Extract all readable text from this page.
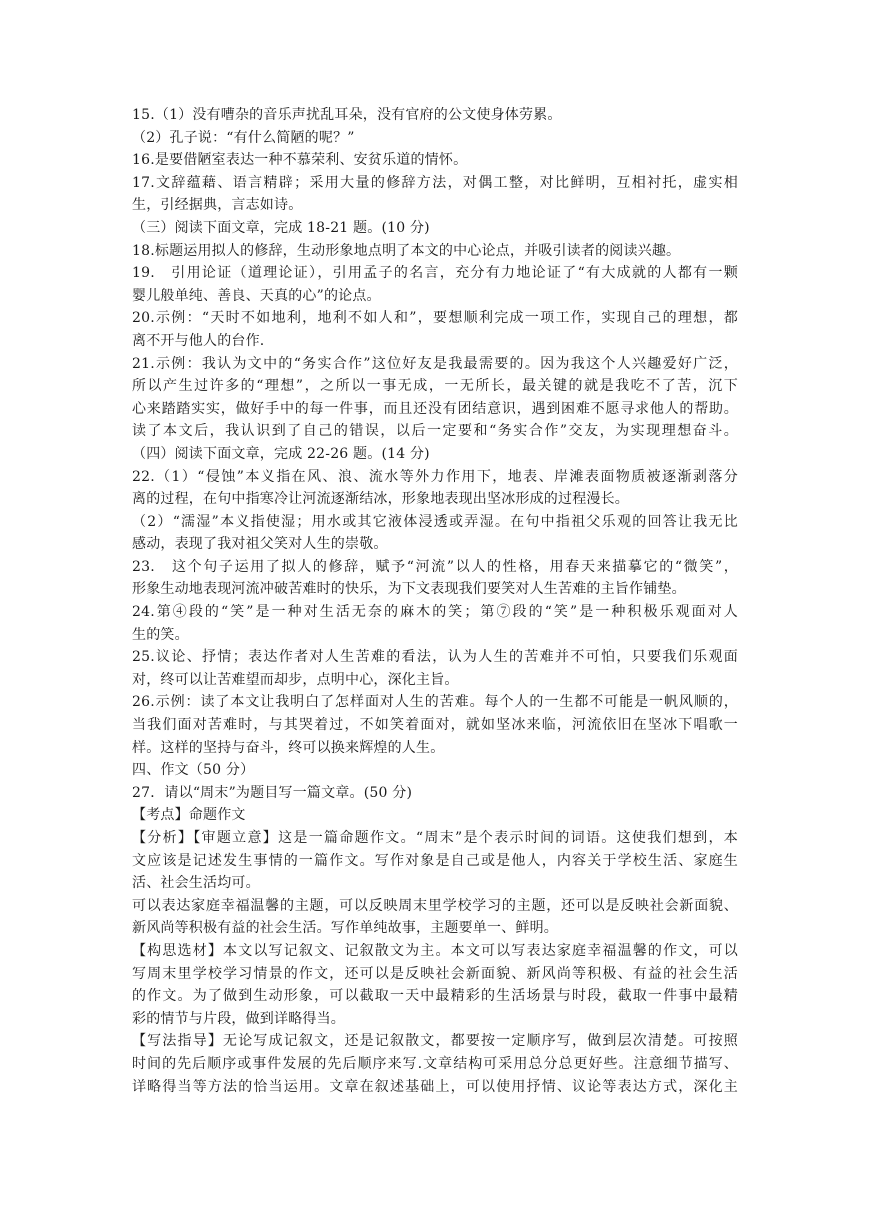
15.（1）没有嘈杂的音乐声扰乱耳朵，没有官府的公文使身体劳累。
（2）孔子说：“有什么简陋的呢？”
16.是要借陋室表达一种不慕荣利、安贫乐道的情怀。
17.文辞蕴藉、语言精辟；采用大量的修辞方法，对偶工整，对比鲜明，互相衬托，虚实相
生，引经据典，言志如诗。
（三）阅读下面文章，完成 18-21 题。(10 分)
18.标题运用拟人的修辞，生动形象地点明了本文的中心论点，并吸引读者的阅读兴趣。
19.　引用论证（道理论证），引用孟子的名言，充分有力地论证了“有大成就的人都有一颗
婴儿般单纯、善良、天真的心”的论点。
20.示例：“天时不如地利，地利不如人和”，要想顺利完成一项工作，实现自己的理想，都
离不开与他人的台作.
21.示例：我认为文中的“务实合作”这位好友是我最需要的。因为我这个人兴趣爱好广泛，
所以产生过许多的“理想”，之所以一事无成，一无所长，最关键的就是我吃不了苦，沉下
心来踏踏实实，做好手中的每一件事，而且还没有团结意识，遇到困难不愿寻求他人的帮助。
读了本文后，我认识到了自己的错误，以后一定要和“务实合作”交友，为实现理想奋斗。
（四）阅读下面文章，完成 22-26 题。(14 分)
22.（1）“侵蚀”本义指在风、浪、流水等外力作用下，地表、岸滩表面物质被逐渐剥落分
离的过程，在句中指寒冷让河流逐渐结冰，形象地表现出坚冰形成的过程漫长。
（2）“濡湿”本义指使湿；用水或其它液体浸透或弄湿。在句中指祖父乐观的回答让我无比
感动，表现了我对祖父笑对人生的崇敬。
23.　这个句子运用了拟人的修辞，赋予“河流”以人的性格，用春天来描摹它的“微笑”，
形象生动地表现河流冲破苦难时的快乐，为下文表现我们要笑对人生苦难的主旨作铺垫。
24.第④段的“笑”是一种对生活无奈的麻木的笑；第⑦段的“笑”是一种积极乐观面对人
生的笑。
25.议论、抒情；表达作者对人生苦难的看法，认为人生的苦难并不可怕，只要我们乐观面
对，终可以让苦难望而却步，点明中心，深化主旨。
26.示例：读了本文让我明白了怎样面对人生的苦难。每个人的一生都不可能是一帆风顺的，
当我们面对苦难时，与其哭着过，不如笑着面对，就如坚冰来临，河流依旧在坚冰下唱歌一
样。这样的坚持与奋斗，终可以换来辉煌的人生。
四、作文（50 分）
27．请以“周末”为题目写一篇文章。(50 分)
【考点】命题作文
【分析】【审题立意】这是一篇命题作文。“周末”是个表示时间的词语。这使我们想到，本
文应该是记述发生事情的一篇作文。写作对象是自己或是他人，内容关于学校生活、家庭生
活、社会生活均可。
可以表达家庭幸福温馨的主题，可以反映周末里学校学习的主题，还可以是反映社会新面貌、
新风尚等积极有益的社会生活。写作单纯故事，主题要单一、鲜明。
【构思选材】本文以写记叙文、记叙散文为主。本文可以写表达家庭幸福温馨的作文，可以
写周末里学校学习情景的作文，还可以是反映社会新面貌、新风尚等积极、有益的社会生活
的作文。为了做到生动形象，可以截取一天中最精彩的生活场景与时段，截取一件事中最精
彩的情节与片段，做到详略得当。
【写法指导】无论写成记叙文，还是记叙散文，都要按一定顺序写，做到层次清楚。可按照
时间的先后顺序或事件发展的先后顺序来写.文章结构可采用总分总更好些。注意细节描写、
详略得当等方法的恰当运用。文章在叙述基础上，可以使用抒情、议论等表达方式，深化主
